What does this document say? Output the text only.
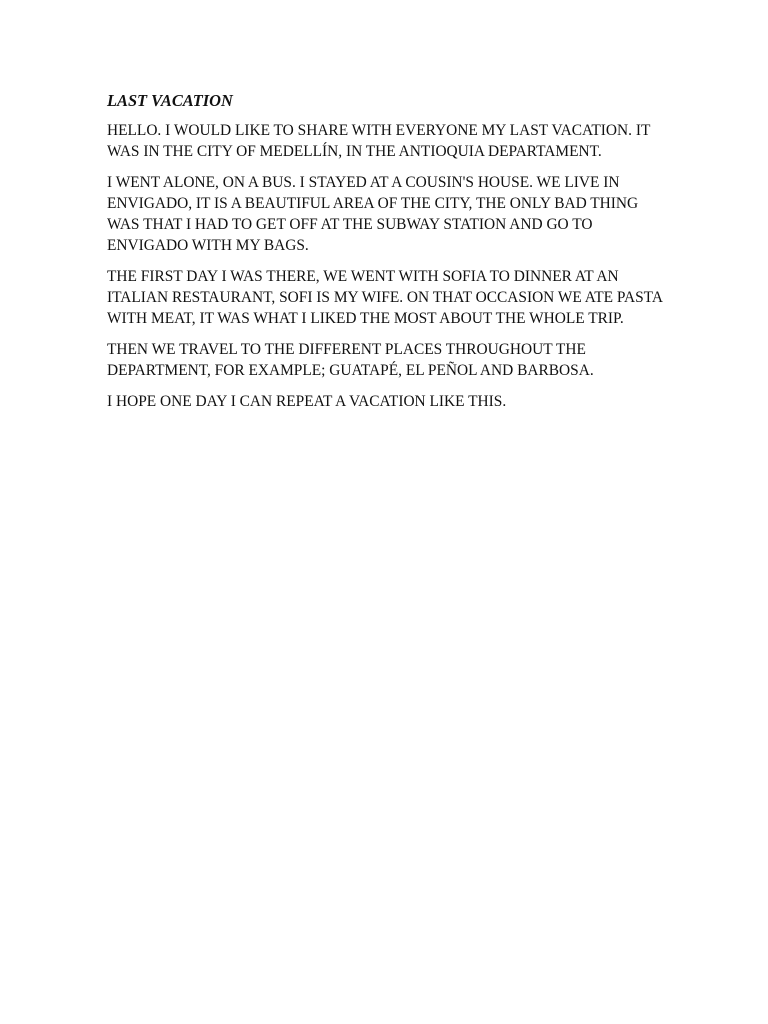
LAST VACATION

HELLO. I WOULD LIKE TO SHARE WITH EVERYONE MY LAST VACATION. IT WAS IN THE CITY OF MEDELLÍN, IN THE ANTIOQUIA DEPARTAMENT.

I WENT ALONE, ON A BUS. I STAYED AT A COUSIN'S HOUSE. WE LIVE IN ENVIGADO, IT IS A BEAUTIFUL AREA OF THE CITY, THE ONLY BAD THING WAS THAT I HAD TO GET OFF AT THE SUBWAY STATION AND GO TO ENVIGADO WITH MY BAGS.

THE FIRST DAY I WAS THERE, WE WENT WITH SOFIA TO DINNER AT AN ITALIAN RESTAURANT, SOFI IS MY WIFE. ON THAT OCCASION WE ATE PASTA WITH MEAT, IT WAS WHAT I LIKED THE MOST ABOUT THE WHOLE TRIP.

THEN WE TRAVEL TO THE DIFFERENT PLACES THROUGHOUT THE DEPARTMENT, FOR EXAMPLE; GUATAPÉ, EL PEÑOL AND BARBOSA.

I HOPE ONE DAY I CAN REPEAT A VACATION LIKE THIS.
